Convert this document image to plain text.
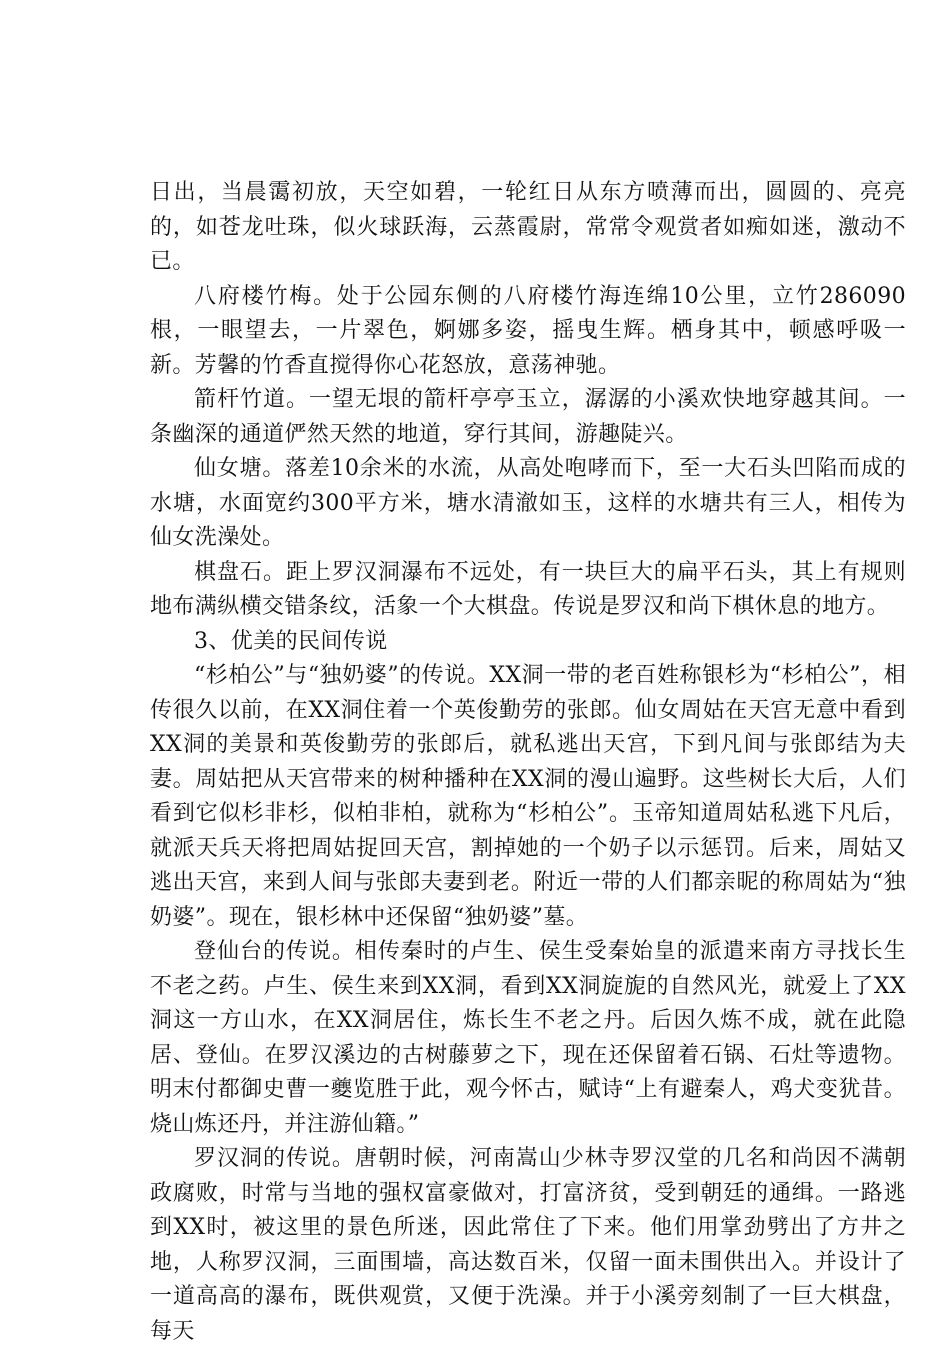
日出，当晨霭初放，天空如碧，一轮红日从东方喷薄而出，圆圆的、亮亮的，如苍龙吐珠，似火球跃海，云蒸霞尉，常常令观赏者如痴如迷，激动不已。

八府楼竹梅。处于公园东侧的八府楼竹海连绵10公里，立竹286090根，一眼望去，一片翠色，婀娜多姿，摇曳生辉。栖身其中，顿感呼吸一新。芳馨的竹香直搅得你心花怒放，意荡神驰。

箭杆竹道。一望无垠的箭杆亭亭玉立，潺潺的小溪欢快地穿越其间。一条幽深的通道俨然天然的地道，穿行其间，游趣陡兴。

仙女塘。落差10余米的水流，从高处咆哮而下，至一大石头凹陷而成的水塘，水面宽约300平方米，塘水清澈如玉，这样的水塘共有三人，相传为仙女洗澡处。

棋盘石。距上罗汉洞瀑布不远处，有一块巨大的扁平石头，其上有规则地布满纵横交错条纹，活象一个大棋盘。传说是罗汉和尚下棋休息的地方。

3、优美的民间传说

“杉柏公”与“独奶婆”的传说。XX洞一带的老百姓称银杉为“杉柏公”，相传很久以前，在XX洞住着一个英俊勤劳的张郎。仙女周姑在天宫无意中看到XX洞的美景和英俊勤劳的张郎后，就私逃出天宫，下到凡间与张郎结为夫妻。周姑把从天宫带来的树种播种在XX洞的漫山遍野。这些树长大后，人们看到它似杉非杉，似柏非柏，就称为“杉柏公”。玉帝知道周姑私逃下凡后，就派天兵天将把周姑捉回天宫，割掉她的一个奶子以示惩罚。后来，周姑又逃出天宫，来到人间与张郎夫妻到老。附近一带的人们都亲昵的称周姑为“独奶婆”。现在，银杉林中还保留“独奶婆”墓。

登仙台的传说。相传秦时的卢生、侯生受秦始皇的派遣来南方寻找长生不老之药。卢生、侯生来到XX洞，看到XX洞旋旎的自然风光，就爱上了XX洞这一方山水，在XX洞居住，炼长生不老之丹。后因久炼不成，就在此隐居、登仙。在罗汉溪边的古树藤萝之下，现在还保留着石锅、石灶等遗物。明末付都御史曹一夔览胜于此，观今怀古，赋诗“上有避秦人，鸡犬变犹昔。烧山炼还丹，并注游仙籍。”

罗汉洞的传说。唐朝时候，河南嵩山少林寺罗汉堂的几名和尚因不满朝政腐败，时常与当地的强权富豪做对，打富济贫，受到朝廷的通缉。一路逃到XX时，被这里的景色所迷，因此常住了下来。他们用掌劲劈出了方井之地，人称罗汉洞，三面围墙，高达数百米，仅留一面未围供出入。并设计了一道高高的瀑布，既供观赏，又便于洗澡。并于小溪旁刻制了一巨大棋盘，每天
